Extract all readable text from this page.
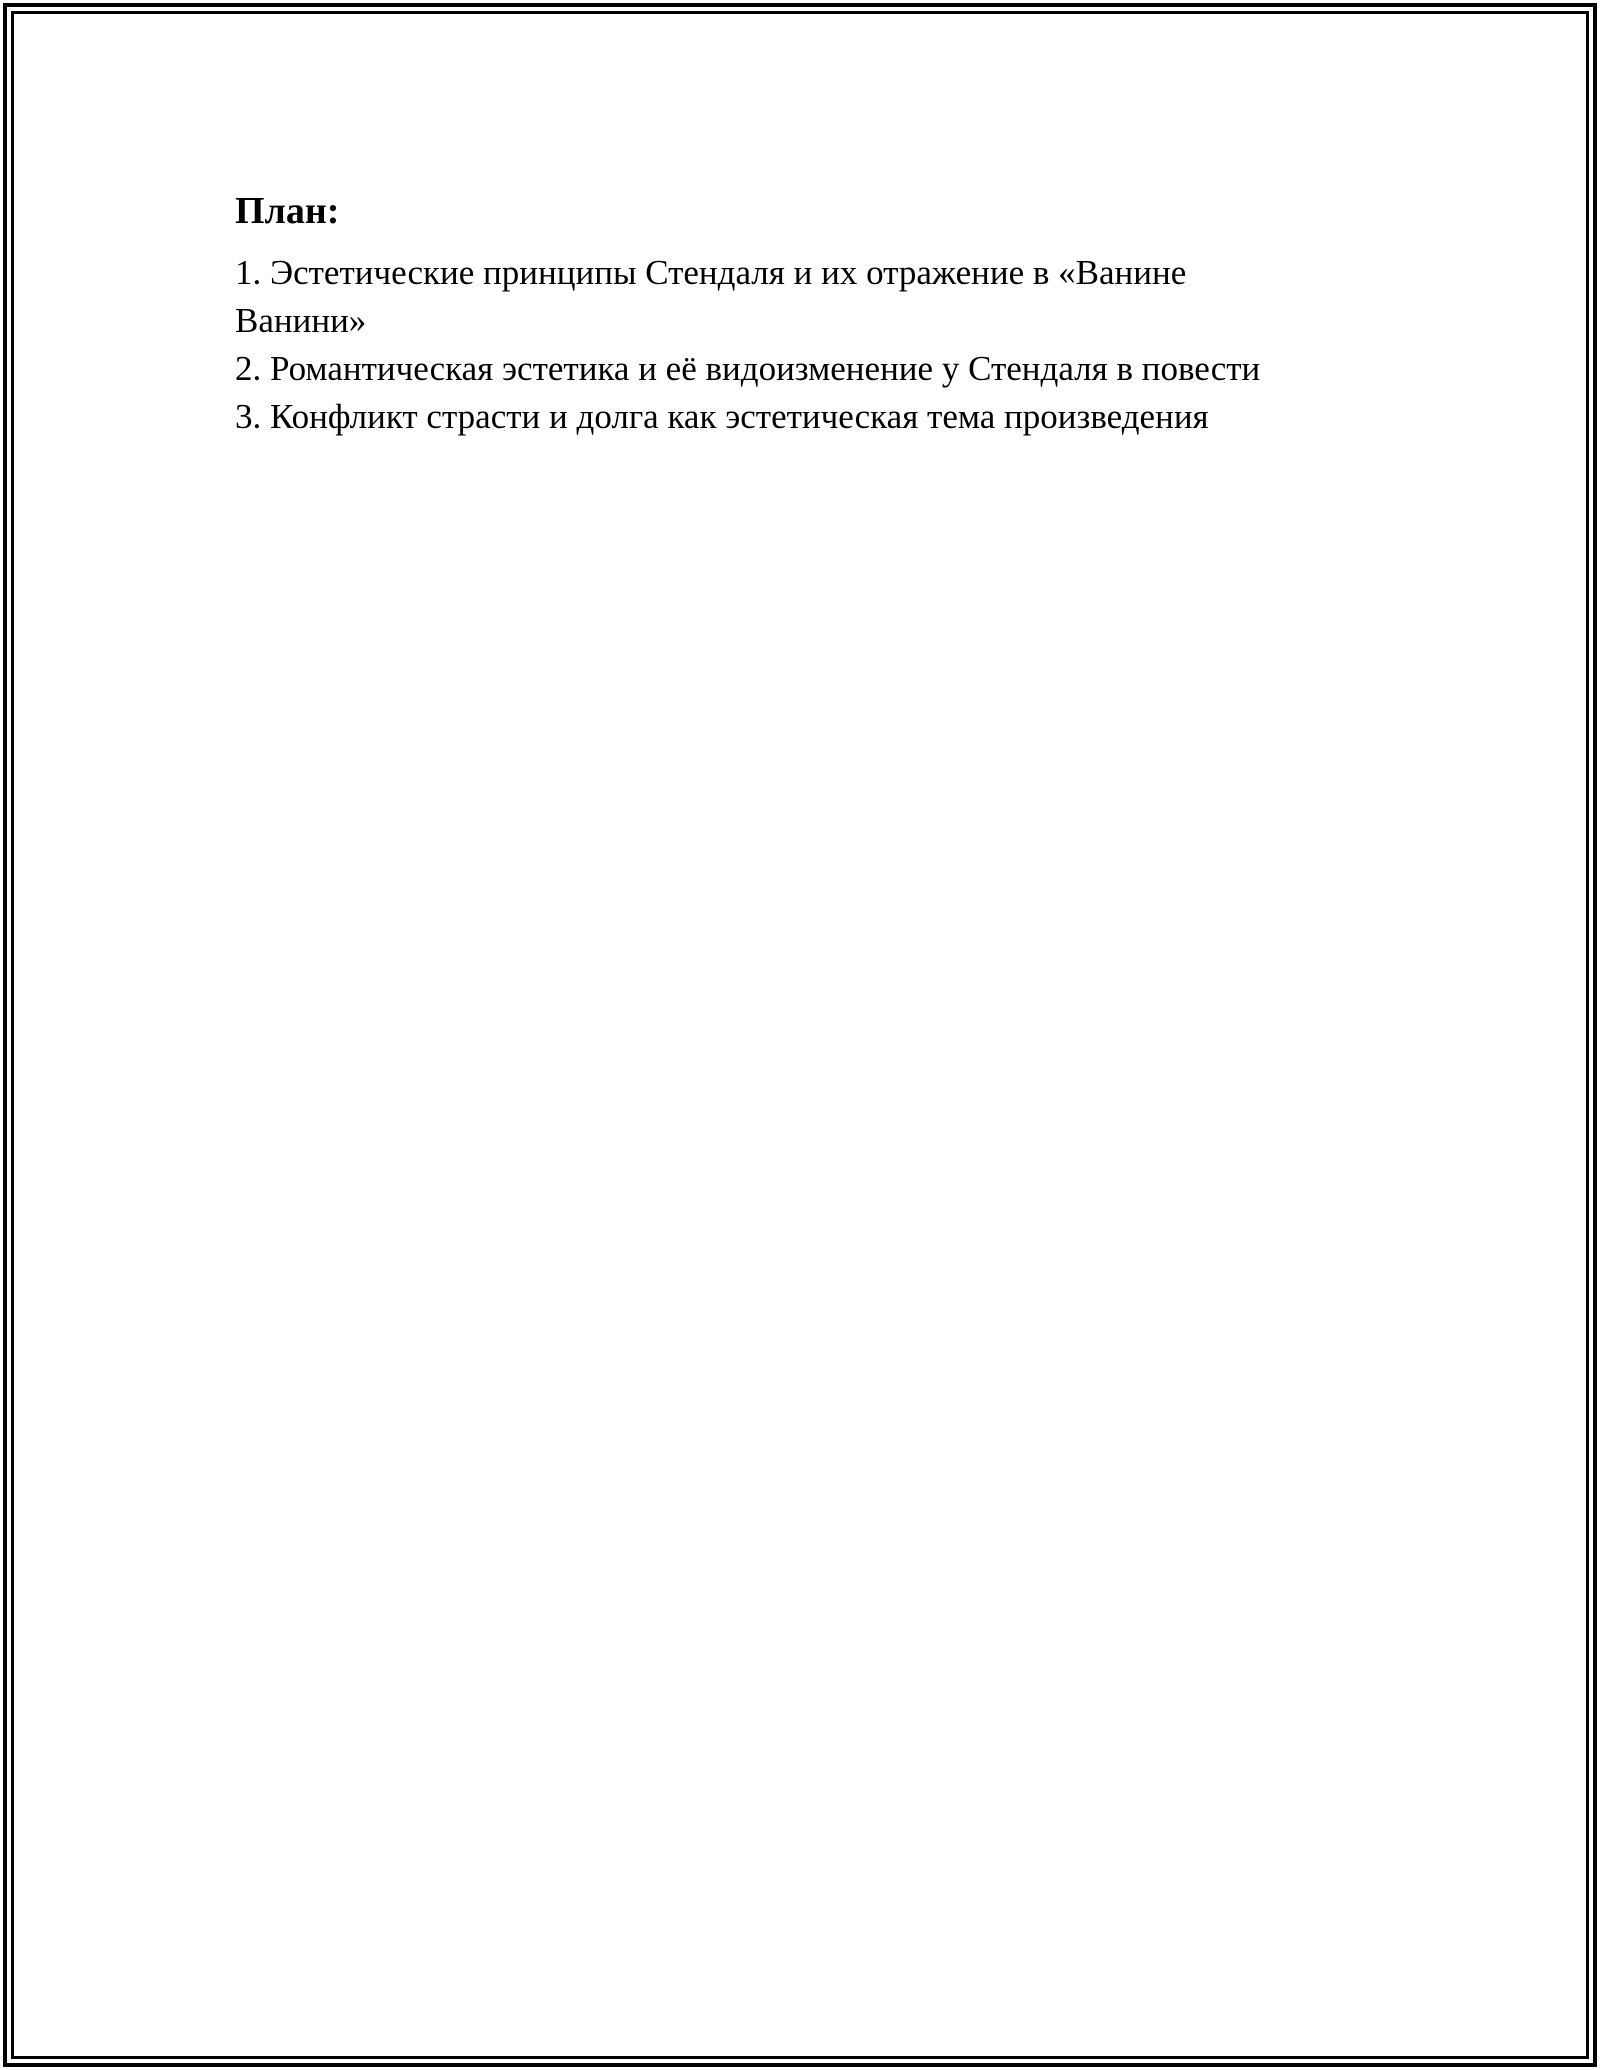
План:
1. Эстетические принципы Стендаля и их отражение в «Ванине Ванини»
2. Романтическая эстетика и её видоизменение у Стендаля в повести
3. Конфликт страсти и долга как эстетическая тема произведения
